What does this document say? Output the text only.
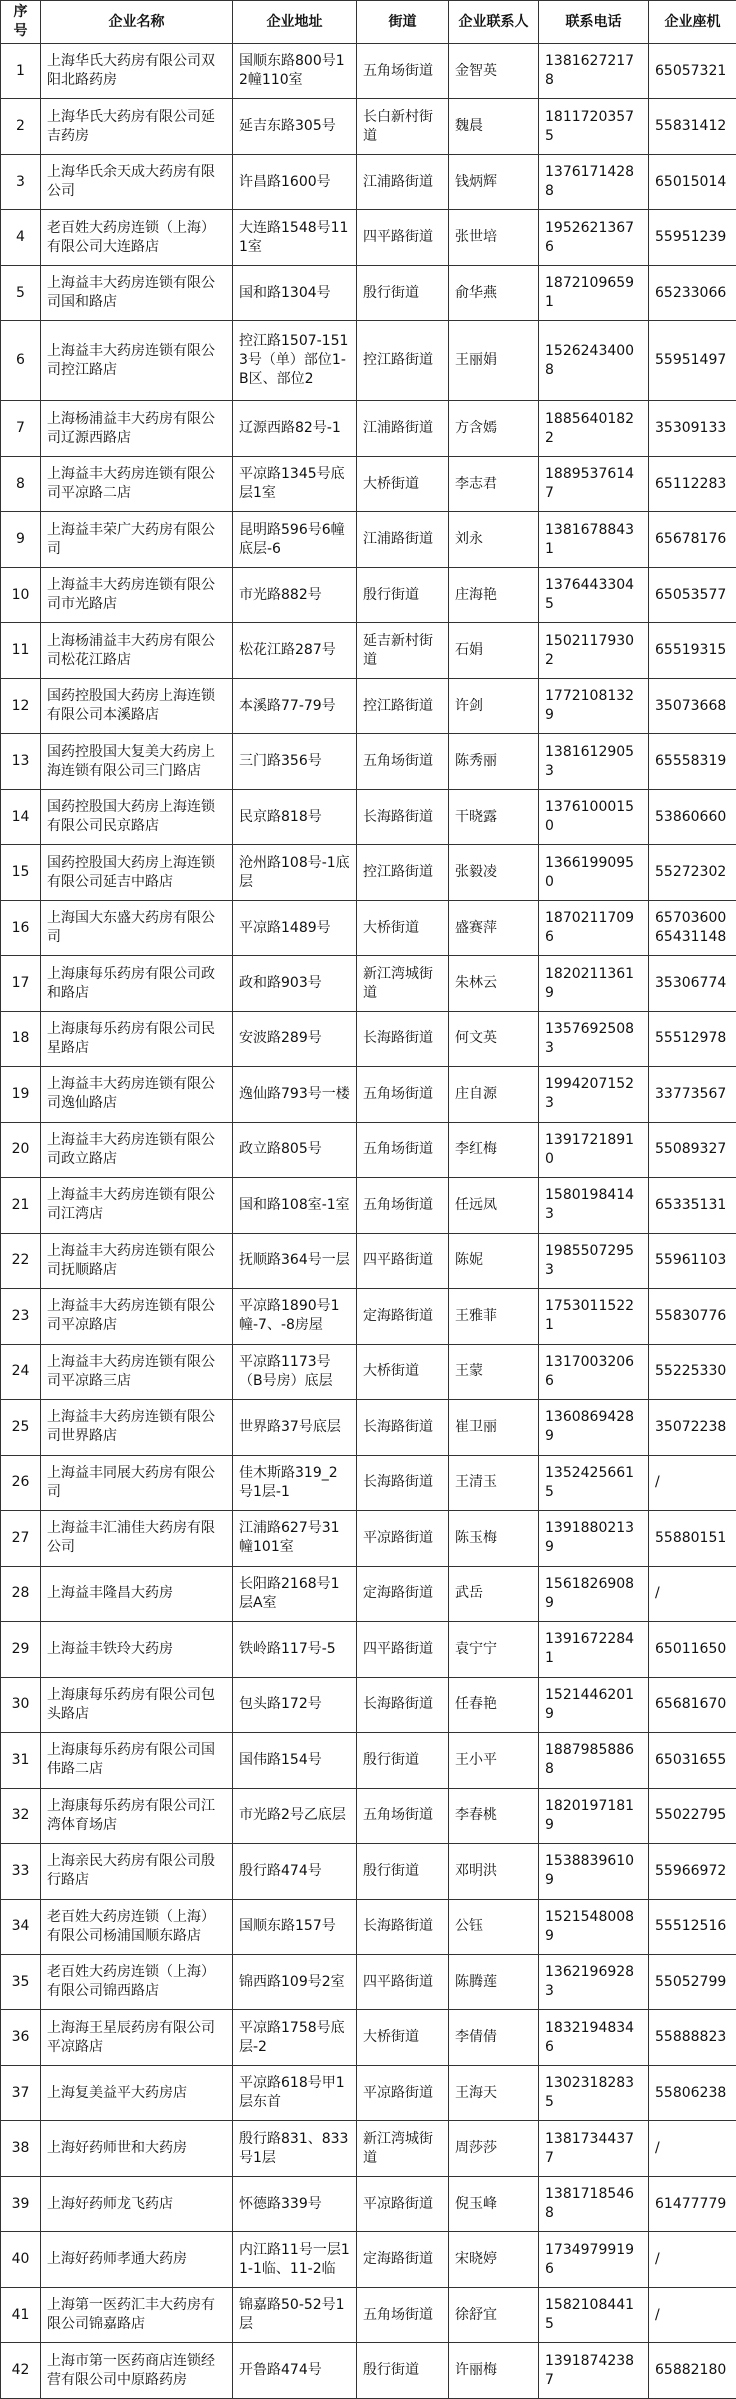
序号	企业名称	企业地址	街道	企业联系人	联系电话	企业座机
1	上海华氏大药房有限公司双阳北路药房	国顺东路800号12幢110室	五角场街道	金智英	13816272178	65057321
2	上海华氏大药房有限公司延吉药房	延吉东路305号	长白新村街道	魏晨	18117203575	55831412
3	上海华氏余天成大药房有限公司	许昌路1600号	江浦路街道	钱炳辉	13761714288	65015014
4	老百姓大药房连锁（上海）有限公司大连路店	大连路1548号111室	四平路街道	张世培	19526213676	55951239
5	上海益丰大药房连锁有限公司国和路店	国和路1304号	殷行街道	俞华燕	18721096591	65233066
6	上海益丰大药房连锁有限公司控江路店	控江路1507-1513号（单）部位1-B区、部位2	控江路街道	王丽娟	15262434008	55951497
7	上海杨浦益丰大药房有限公司辽源西路店	辽源西路82号-1	江浦路街道	方含嫣	18856401822	35309133
8	上海益丰大药房连锁有限公司平凉路二店	平凉路1345号底层1室	大桥街道	李志君	18895376147	65112283
9	上海益丰荣广大药房有限公司	昆明路596号6幢底层-6	江浦路街道	刘永	13816788431	65678176
10	上海益丰大药房连锁有限公司市光路店	市光路882号	殷行街道	庄海艳	13764433045	65053577
11	上海杨浦益丰大药房有限公司松花江路店	松花江路287号	延吉新村街道	石娟	15021179302	65519315
12	国药控股国大药房上海连锁有限公司本溪路店	本溪路77-79号	控江路街道	许剑	17721081329	35073668
13	国药控股国大复美大药房上海连锁有限公司三门路店	三门路356号	五角场街道	陈秀丽	13816129053	65558319
14	国药控股国大药房上海连锁有限公司民京路店	民京路818号	长海路街道	干晓露	13761000150	53860660
15	国药控股国大药房上海连锁有限公司延吉中路店	沧州路108号-1底层	控江路街道	张毅凌	13661990950	55272302
16	上海国大东盛大药房有限公司	平凉路1489号	大桥街道	盛赛萍	18702117096	65703600
65431148
17	上海康每乐药房有限公司政和路店	政和路903号	新江湾城街道	朱林云	18202113619	35306774
18	上海康每乐药房有限公司民星路店	安波路289号	长海路街道	何文英	13576925083	55512978
19	上海益丰大药房连锁有限公司逸仙路店	逸仙路793号一楼	五角场街道	庄自源	19942071523	33773567
20	上海益丰大药房连锁有限公司政立路店	政立路805号	五角场街道	李红梅	13917218910	55089327
21	上海益丰大药房连锁有限公司江湾店	国和路108室-1室	五角场街道	任远凤	15801984143	65335131
22	上海益丰大药房连锁有限公司抚顺路店	抚顺路364号一层	四平路街道	陈妮	19855072953	55961103
23	上海益丰大药房连锁有限公司平凉路店	平凉路1890号1幢-7、-8房屋	定海路街道	王雅菲	17530115221	55830776
24	上海益丰大药房连锁有限公司平凉路三店	平凉路1173号（B号房）底层	大桥街道	王蒙	13170032066	55225330
25	上海益丰大药房连锁有限公司世界路店	世界路37号底层	长海路街道	崔卫丽	13608694289	35072238
26	上海益丰同展大药房有限公司	佳木斯路319_2号1层-1	长海路街道	王清玉	13524256615	/
27	上海益丰汇浦佳大药房有限公司	江浦路627号31幢101室	平凉路街道	陈玉梅	13918802139	55880151
28	上海益丰隆昌大药房	长阳路2168号1层A室	定海路街道	武岳	15618269089	/
29	上海益丰铁玲大药房	铁岭路117号-5	四平路街道	袁宁宁	13916722841	65011650
30	上海康每乐药房有限公司包头路店	包头路172号	长海路街道	任春艳	15214462019	65681670
31	上海康每乐药房有限公司国伟路二店	国伟路154号	殷行街道	王小平	18879858868	65031655
32	上海康每乐药房有限公司江湾体育场店	市光路2号乙底层	五角场街道	李春桃	18201971819	55022795
33	上海亲民大药房有限公司殷行路店	殷行路474号	殷行街道	邓明洪	15388396109	55966972
34	老百姓大药房连锁（上海）有限公司杨浦国顺东路店	国顺东路157号	长海路街道	公钰	15215480089	55512516
35	老百姓大药房连锁（上海）有限公司锦西路店	锦西路109号2室	四平路街道	陈腾莲	13621969283	55052799
36	上海海王星辰药房有限公司平凉路店	平凉路1758号底层-2	大桥街道	李倩倩	18321948346	55888823
37	上海复美益平大药房店	平凉路618号甲1层东首	平凉路街道	王海天	13023182835	55806238
38	上海好药师世和大药房	殷行路831、833号1层	新江湾城街道	周莎莎	13817344377	/
39	上海好药师龙飞药店	怀德路339号	平凉路街道	倪玉峰	13817185468	61477779
40	上海好药师孝通大药房	内江路11号一层11-1临、11-2临	定海路街道	宋晓婷	17349799196	/
41	上海第一医药汇丰大药房有限公司锦嘉路店	锦嘉路50-52号1层	五角场街道	徐舒宜	15821084415	/
42	上海市第一医药商店连锁经营有限公司中原路药房	开鲁路474号	殷行街道	许丽梅	13918742387	65882180
